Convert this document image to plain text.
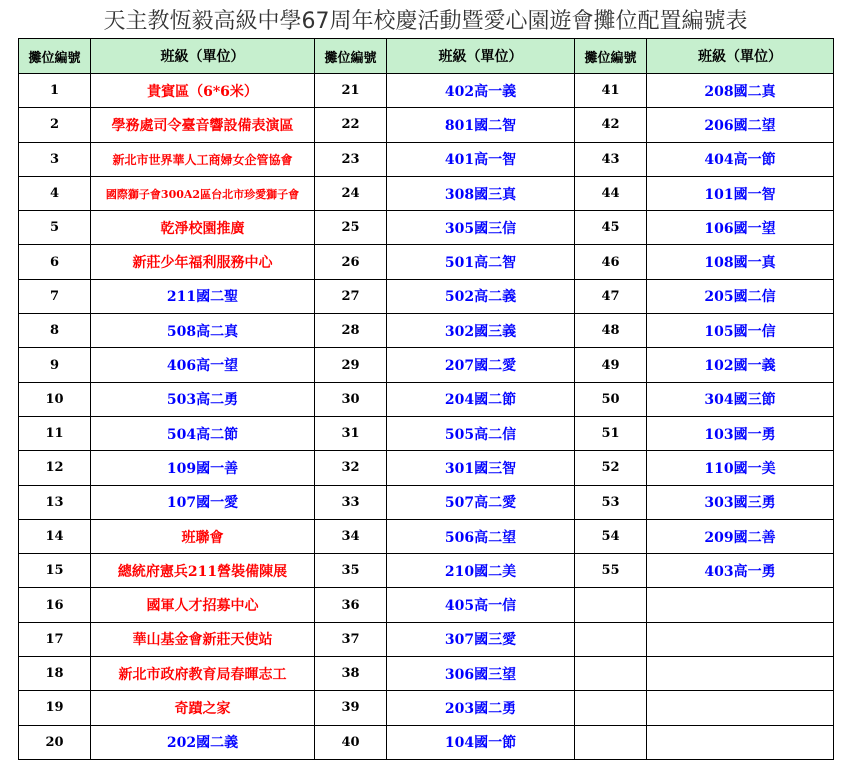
天主教恆毅高級中學67周年校慶活動暨愛心園遊會攤位配置編號表
攤位編號	班級（單位）	攤位編號	班級（單位）	攤位編號	班級（單位）
1	貴賓區（6*6米）	21	402高一義	41	208國二真
2	學務處司令臺音響設備表演區	22	801國二智	42	206國二望
3	新北市世界華人工商婦女企管協會	23	401高一智	43	404高一節
4	國際獅子會300A2區台北市珍愛獅子會	24	308國三真	44	101國一智
5	乾淨校園推廣	25	305國三信	45	106國一望
6	新莊少年福利服務中心	26	501高二智	46	108國一真
7	211國二聖	27	502高二義	47	205國二信
8	508高二真	28	302國三義	48	105國一信
9	406高一望	29	207國二愛	49	102國一義
10	503高二勇	30	204國二節	50	304國三節
11	504高二節	31	505高二信	51	103國一勇
12	109國一善	32	301國三智	52	110國一美
13	107國一愛	33	507高二愛	53	303國三勇
14	班聯會	34	506高二望	54	209國二善
15	總統府憲兵211營裝備陳展	35	210國二美	55	403高一勇
16	國軍人才招募中心	36	405高一信		
17	華山基金會新莊天使站	37	307國三愛		
18	新北市政府教育局春暉志工	38	306國三望		
19	奇蹟之家	39	203國二勇		
20	202國二義	40	104國一節		
